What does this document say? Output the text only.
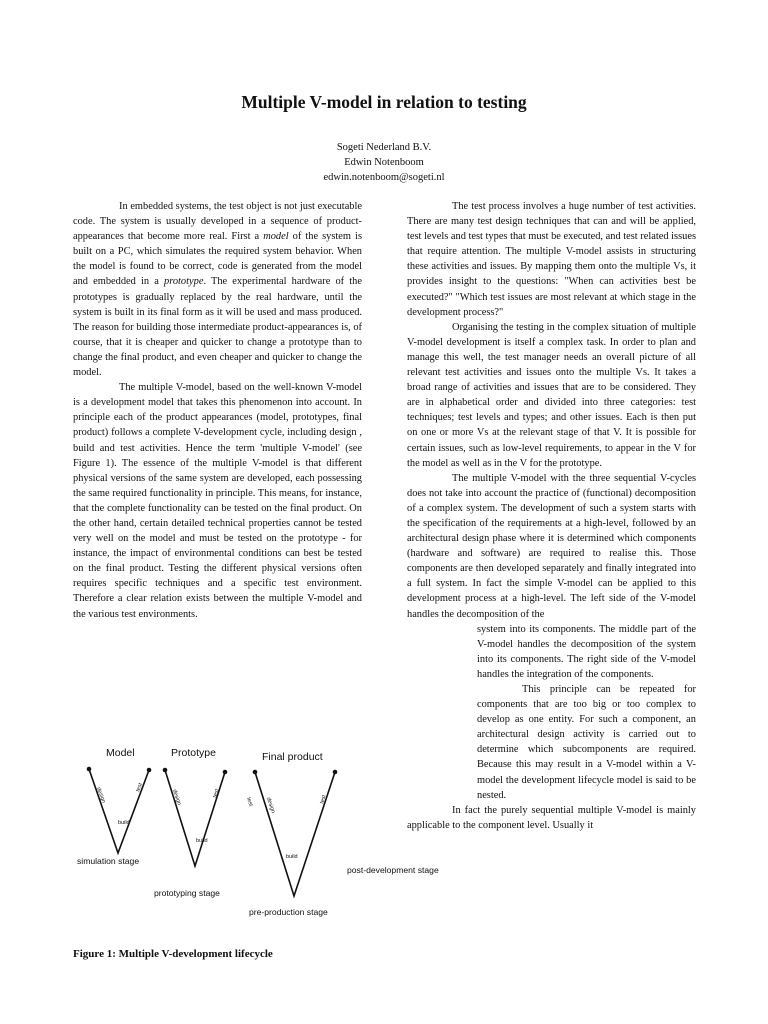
Multiple V-model in relation to testing
Sogeti Nederland B.V.
Edwin Notenboom
edwin.notenboom@sogeti.nl

In embedded systems, the test object is not just executable code. The system is usually developed in a sequence of product-appearances that become more real. First a model of the system is built on a PC, which simulates the required system behavior. When the model is found to be correct, code is generated from the model and embedded in a prototype. The experimental hardware of the prototypes is gradually replaced by the real hardware, until the system is built in its final form as it will be used and mass produced. The reason for building those intermediate product-appearances is, of course, that it is cheaper and quicker to change a prototype than to change the final product, and even cheaper and quicker to change the model.

The multiple V-model, based on the well-known V-model is a development model that takes this phenomenon into account. In principle each of the product appearances (model, prototypes, final product) follows a complete V-development cycle, including design , build and test activities. Hence the term 'multiple V-model' (see Figure 1). The essence of the multiple V-model is that different physical versions of the same system are developed, each possessing the same required functionality in principle. This means, for instance, that the complete functionality can be tested on the final product. On the other hand, certain detailed technical properties cannot be tested very well on the model and must be tested on the prototype - for instance, the impact of environmental conditions can best be tested on the final product. Testing the different physical versions often requires specific techniques and a specific test environment. Therefore a clear relation exists between the multiple V-model and the various test environments.

The test process involves a huge number of test activities. There are many test design techniques that can and will be applied, test levels and test types that must be executed, and test related issues that require attention. The multiple V-model assists in structuring these activities and issues. By mapping them onto the multiple Vs, it provides insight to the questions: "When can activities best be executed?" "Which test issues are most relevant at which stage in the development process?"

Organising the testing in the complex situation of multiple V-model development is itself a complex task. In order to plan and manage this well, the test manager needs an overall picture of all relevant test activities and issues onto the multiple Vs. It takes a broad range of activities and issues that are to be considered. They are in alphabetical order and divided into three categories: test techniques; test levels and types; and other issues. Each is then put on one or more Vs at the relevant stage of that V. It is possible for certain issues, such as low-level requirements, to appear in the V for the model as well as in the V for the prototype.

The multiple V-model with the three sequential V-cycles does not take into account the practice of (functional) decomposition of a complex system. The development of such a system starts with the specification of the requirements at a high-level, followed by an architectural design phase where it is determined which components (hardware and software) are required to realise this. Those components are then developed separately and finally integrated into a full system. In fact the simple V-model can be applied to this development process at a high-level. The left side of the V-model handles the decomposition of the

system into its components. The middle part of the V-model handles the decomposition of the system into its components. The right side of the V-model handles the integration of the components.

This principle can be repeated for components that are too big or too complex to develop as one entity. For such a component, an architectural design activity is carried out to determine which subcomponents are required. Because this may result in a V-model within a V-model the development lifecycle model is said to be nested.

In fact the purely sequential multiple V-model is mainly applicable to the component level. Usually it

design
build
test
design
build
test
test design
build
test
Model	Prototype	Final product
simulation stage
prototyping stage
pre-production stage
post-development stage
Figure 1: Multiple V-development lifecycle
